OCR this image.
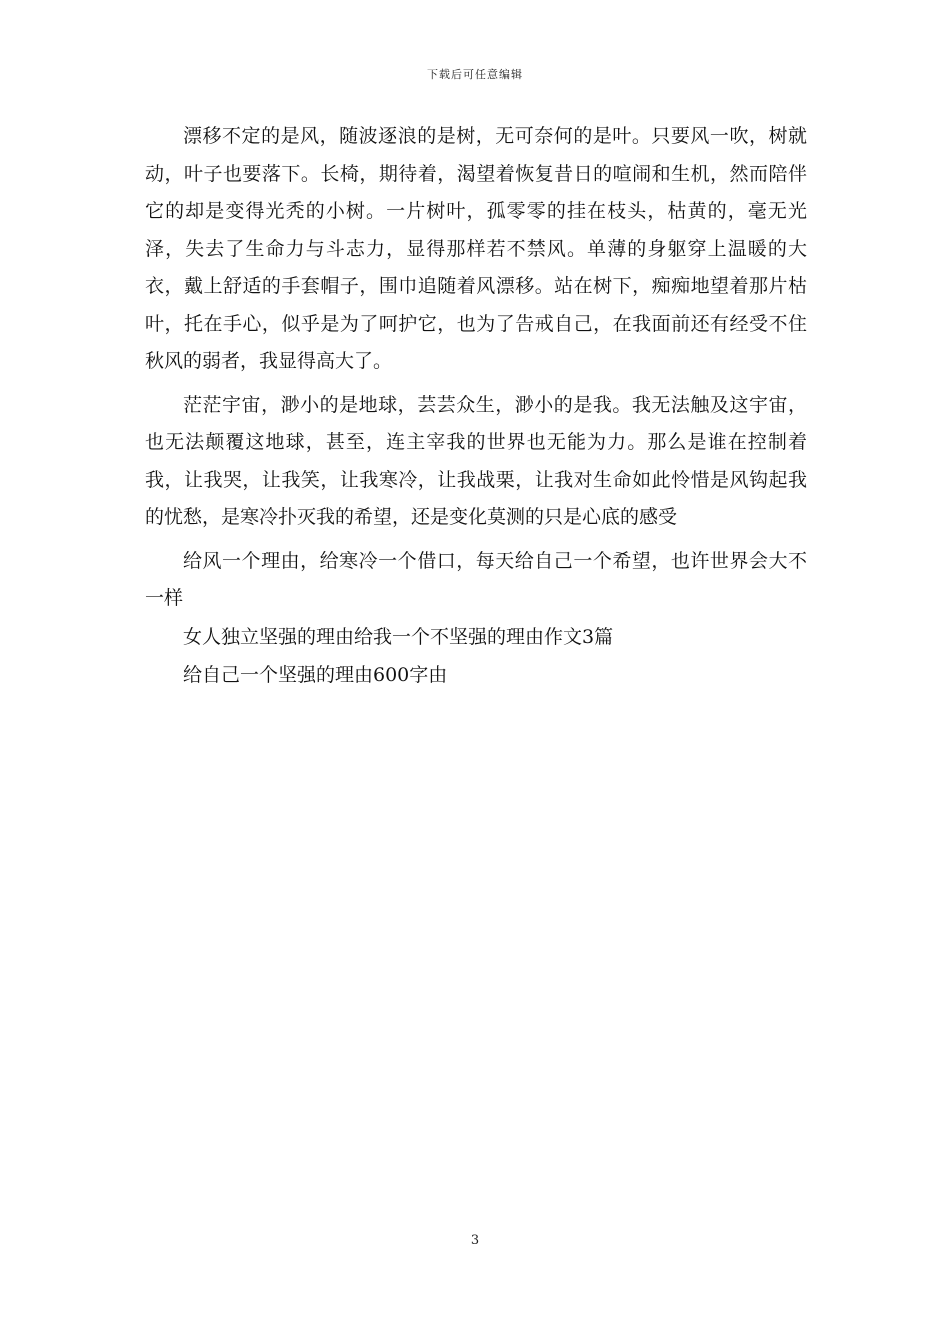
下载后可任意编辑

漂移不定的是风，随波逐浪的是树，无可奈何的是叶。只要风一吹，树就动，叶子也要落下。长椅，期待着，渴望着恢复昔日的喧闹和生机，然而陪伴它的却是变得光秃的小树。一片树叶，孤零零的挂在枝头，枯黄的，毫无光泽，失去了生命力与斗志力，显得那样若不禁风。单薄的身躯穿上温暖的大衣，戴上舒适的手套帽子，围巾追随着风漂移。站在树下，痴痴地望着那片枯叶，托在手心，似乎是为了呵护它，也为了告戒自己，在我面前还有经受不住秋风的弱者，我显得高大了。

茫茫宇宙，渺小的是地球，芸芸众生，渺小的是我。我无法触及这宇宙，也无法颠覆这地球，甚至，连主宰我的世界也无能为力。那么是谁在控制着我，让我哭，让我笑，让我寒冷，让我战栗，让我对生命如此怜惜是风钩起我的忧愁，是寒冷扑灭我的希望，还是变化莫测的只是心底的感受

给风一个理由，给寒冷一个借口，每天给自己一个希望，也许世界会大不一样

女人独立坚强的理由给我一个不坚强的理由作文3篇

给自己一个坚强的理由600字由

3
